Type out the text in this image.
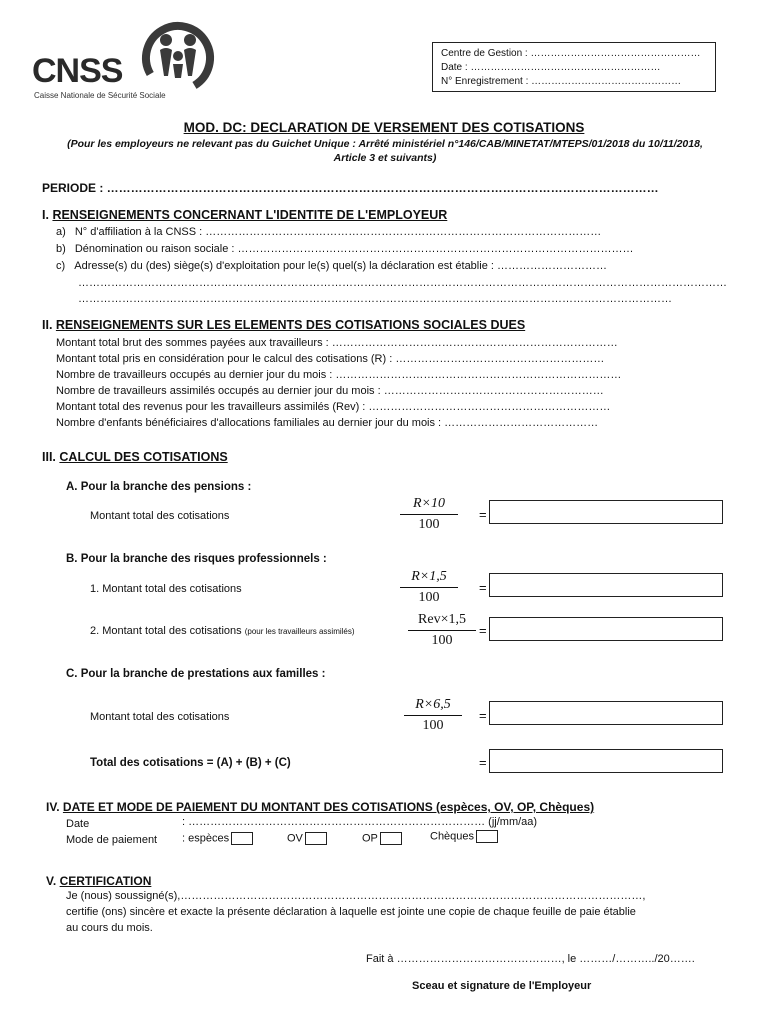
CNSS
Caisse Nationale de Sécurité Sociale
Centre de Gestion : ……………………………………………
Date : …………………………………………………
N° Enregistrement : ………………………………………
MOD. DC: DECLARATION DE VERSEMENT DES COTISATIONS
(Pour les employeurs ne relevant pas du Guichet Unique : Arrêté ministériel n°146/CAB/MINETAT/MTEPS/01/2018 du 10/11/2018, Article 3 et suivants)
PERIODE : …………………………………………………………………………………………………………………………
I. RENSEIGNEMENTS CONCERNANT L'IDENTITE DE L'EMPLOYEUR
a) N° d'affiliation à la CNSS : ………………………………………………………………………………………………
b) Dénomination ou raison sociale : ………………………………………………………………………………………………
c) Adresse(s) du (des) siège(s) d'exploitation pour le(s) quel(s) la déclaration est établie : …………………………
……………………………………………………………………………………………………………………………………………………………
………………………………………………………………………………………………………………………………………………
II. RENSEIGNEMENTS SUR LES ELEMENTS DES COTISATIONS SOCIALES DUES
Montant total brut des sommes payées aux travailleurs : ……………………………………………………………………
Montant total pris en considération pour le calcul des cotisations (R) : …………………………………………………
Nombre de travailleurs occupés au dernier jour du mois : ……………………………………………………………………
Nombre de travailleurs assimilés occupés au dernier jour du mois : ……………………………………………………
Montant total des revenus pour les travailleurs assimilés (Rev) : …………………………………………………………
Nombre d'enfants bénéficiaires d'allocations familiales au dernier jour du mois : ……………………………………
III. CALCUL DES COTISATIONS
A. Pour la branche des pensions :
Montant total des cotisations
R×10
100
=
B. Pour la branche des risques professionnels :
1. Montant total des cotisations
R×1,5
100
=
2. Montant total des cotisations (pour les travailleurs assimilés)
Rev×1,5
100
=
C. Pour la branche de prestations aux familles :
Montant total des cotisations
R×6,5
100
=
Total des cotisations = (A) + (B) + (C)	=
IV. DATE ET MODE DE PAIEMENT DU MONTANT DES COTISATIONS (espèces, OV, OP, Chèques)
Date	: ……………………………………………………………………… (jj/mm/aa)
Mode de paiement : espèces	OV	OP	Chèques
V. CERTIFICATION
Je (nous) soussigné(s),………………………………………………………………………………………………………………,
certifie (ons) sincère et exacte la présente déclaration à laquelle est jointe une copie de chaque feuille de paie établie
au cours du mois.
Fait à ………………………………………, le ………/………../20…….
Sceau et signature de l'Employeur
